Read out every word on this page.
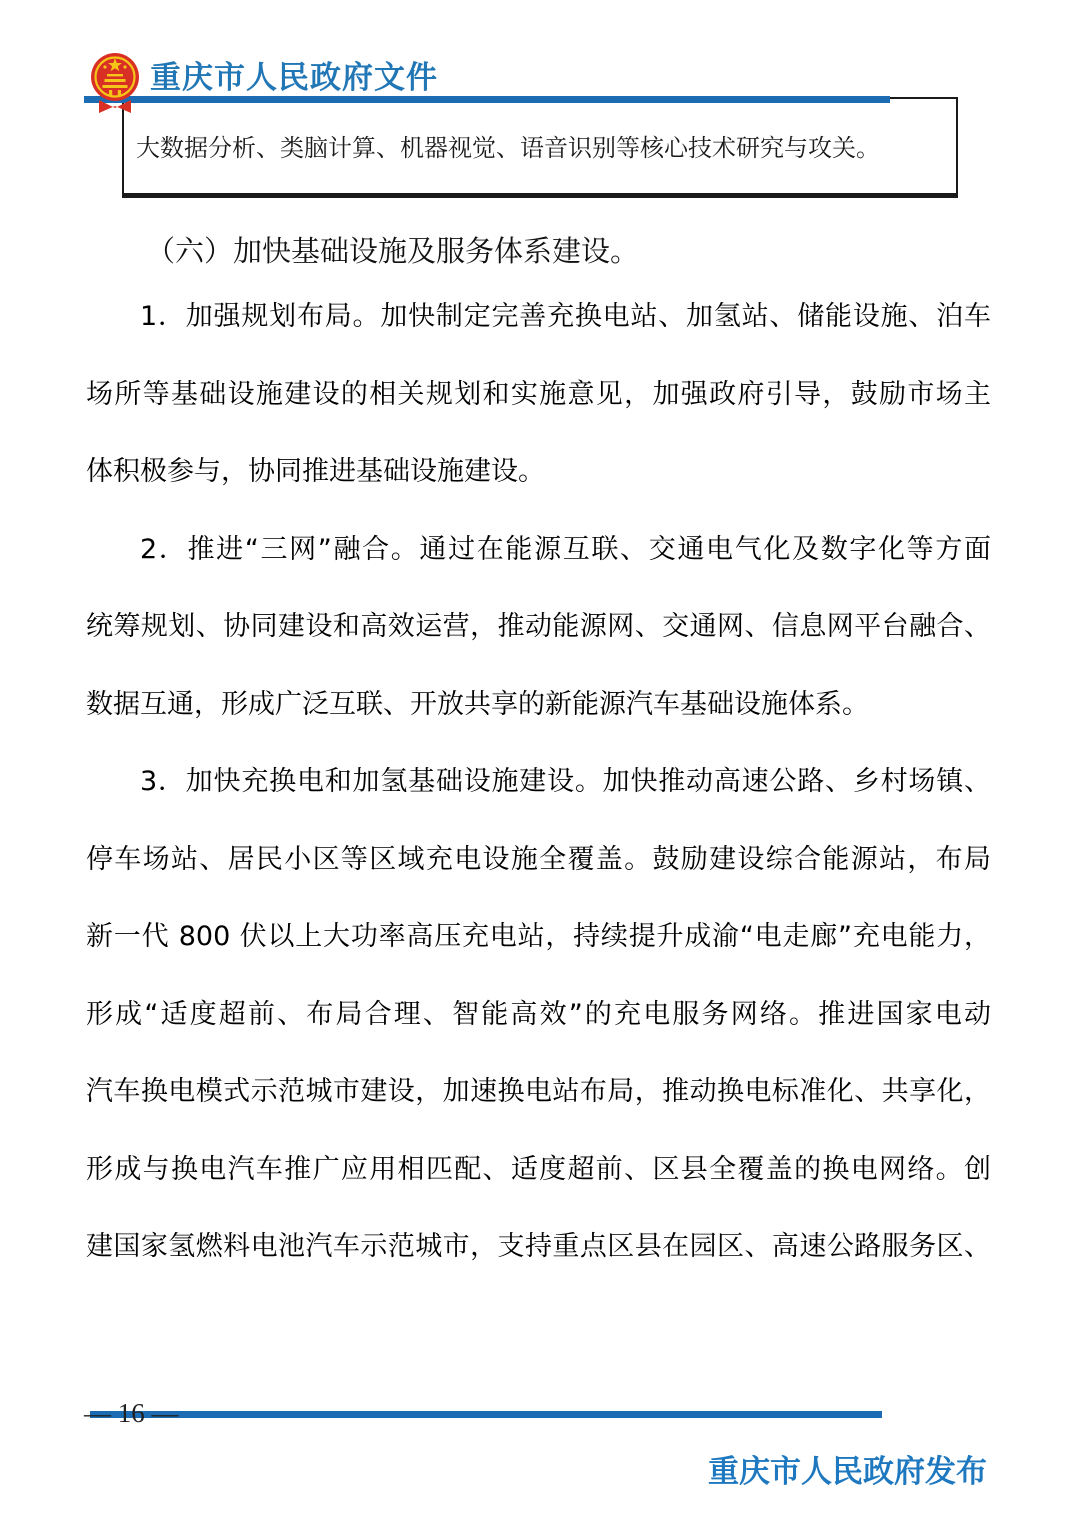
重庆市人民政府文件
大数据分析、类脑计算、机器视觉、语音识别等核心技术研究与攻关。
（六）加快基础设施及服务体系建设。
1．加强规划布局。加快制定完善充换电站、加氢站、储能设施、泊车
场所等基础设施建设的相关规划和实施意见，加强政府引导，鼓励市场主
体积极参与，协同推进基础设施建设。
2．推进“三网”融合。通过在能源互联、交通电气化及数字化等方面
统筹规划、协同建设和高效运营，推动能源网、交通网、信息网平台融合、
数据互通，形成广泛互联、开放共享的新能源汽车基础设施体系。
3．加快充换电和加氢基础设施建设。加快推动高速公路、乡村场镇、
停车场站、居民小区等区域充电设施全覆盖。鼓励建设综合能源站，布局
新一代 800 伏以上大功率高压充电站，持续提升成渝“电走廊”充电能力，
形成“适度超前、布局合理、智能高效”的充电服务网络。推进国家电动
汽车换电模式示范城市建设，加速换电站布局，推动换电标准化、共享化，
形成与换电汽车推广应用相匹配、适度超前、区县全覆盖的换电网络。创
建国家氢燃料电池汽车示范城市，支持重点区县在园区、高速公路服务区、
— 16 —
重庆市人民政府发布
